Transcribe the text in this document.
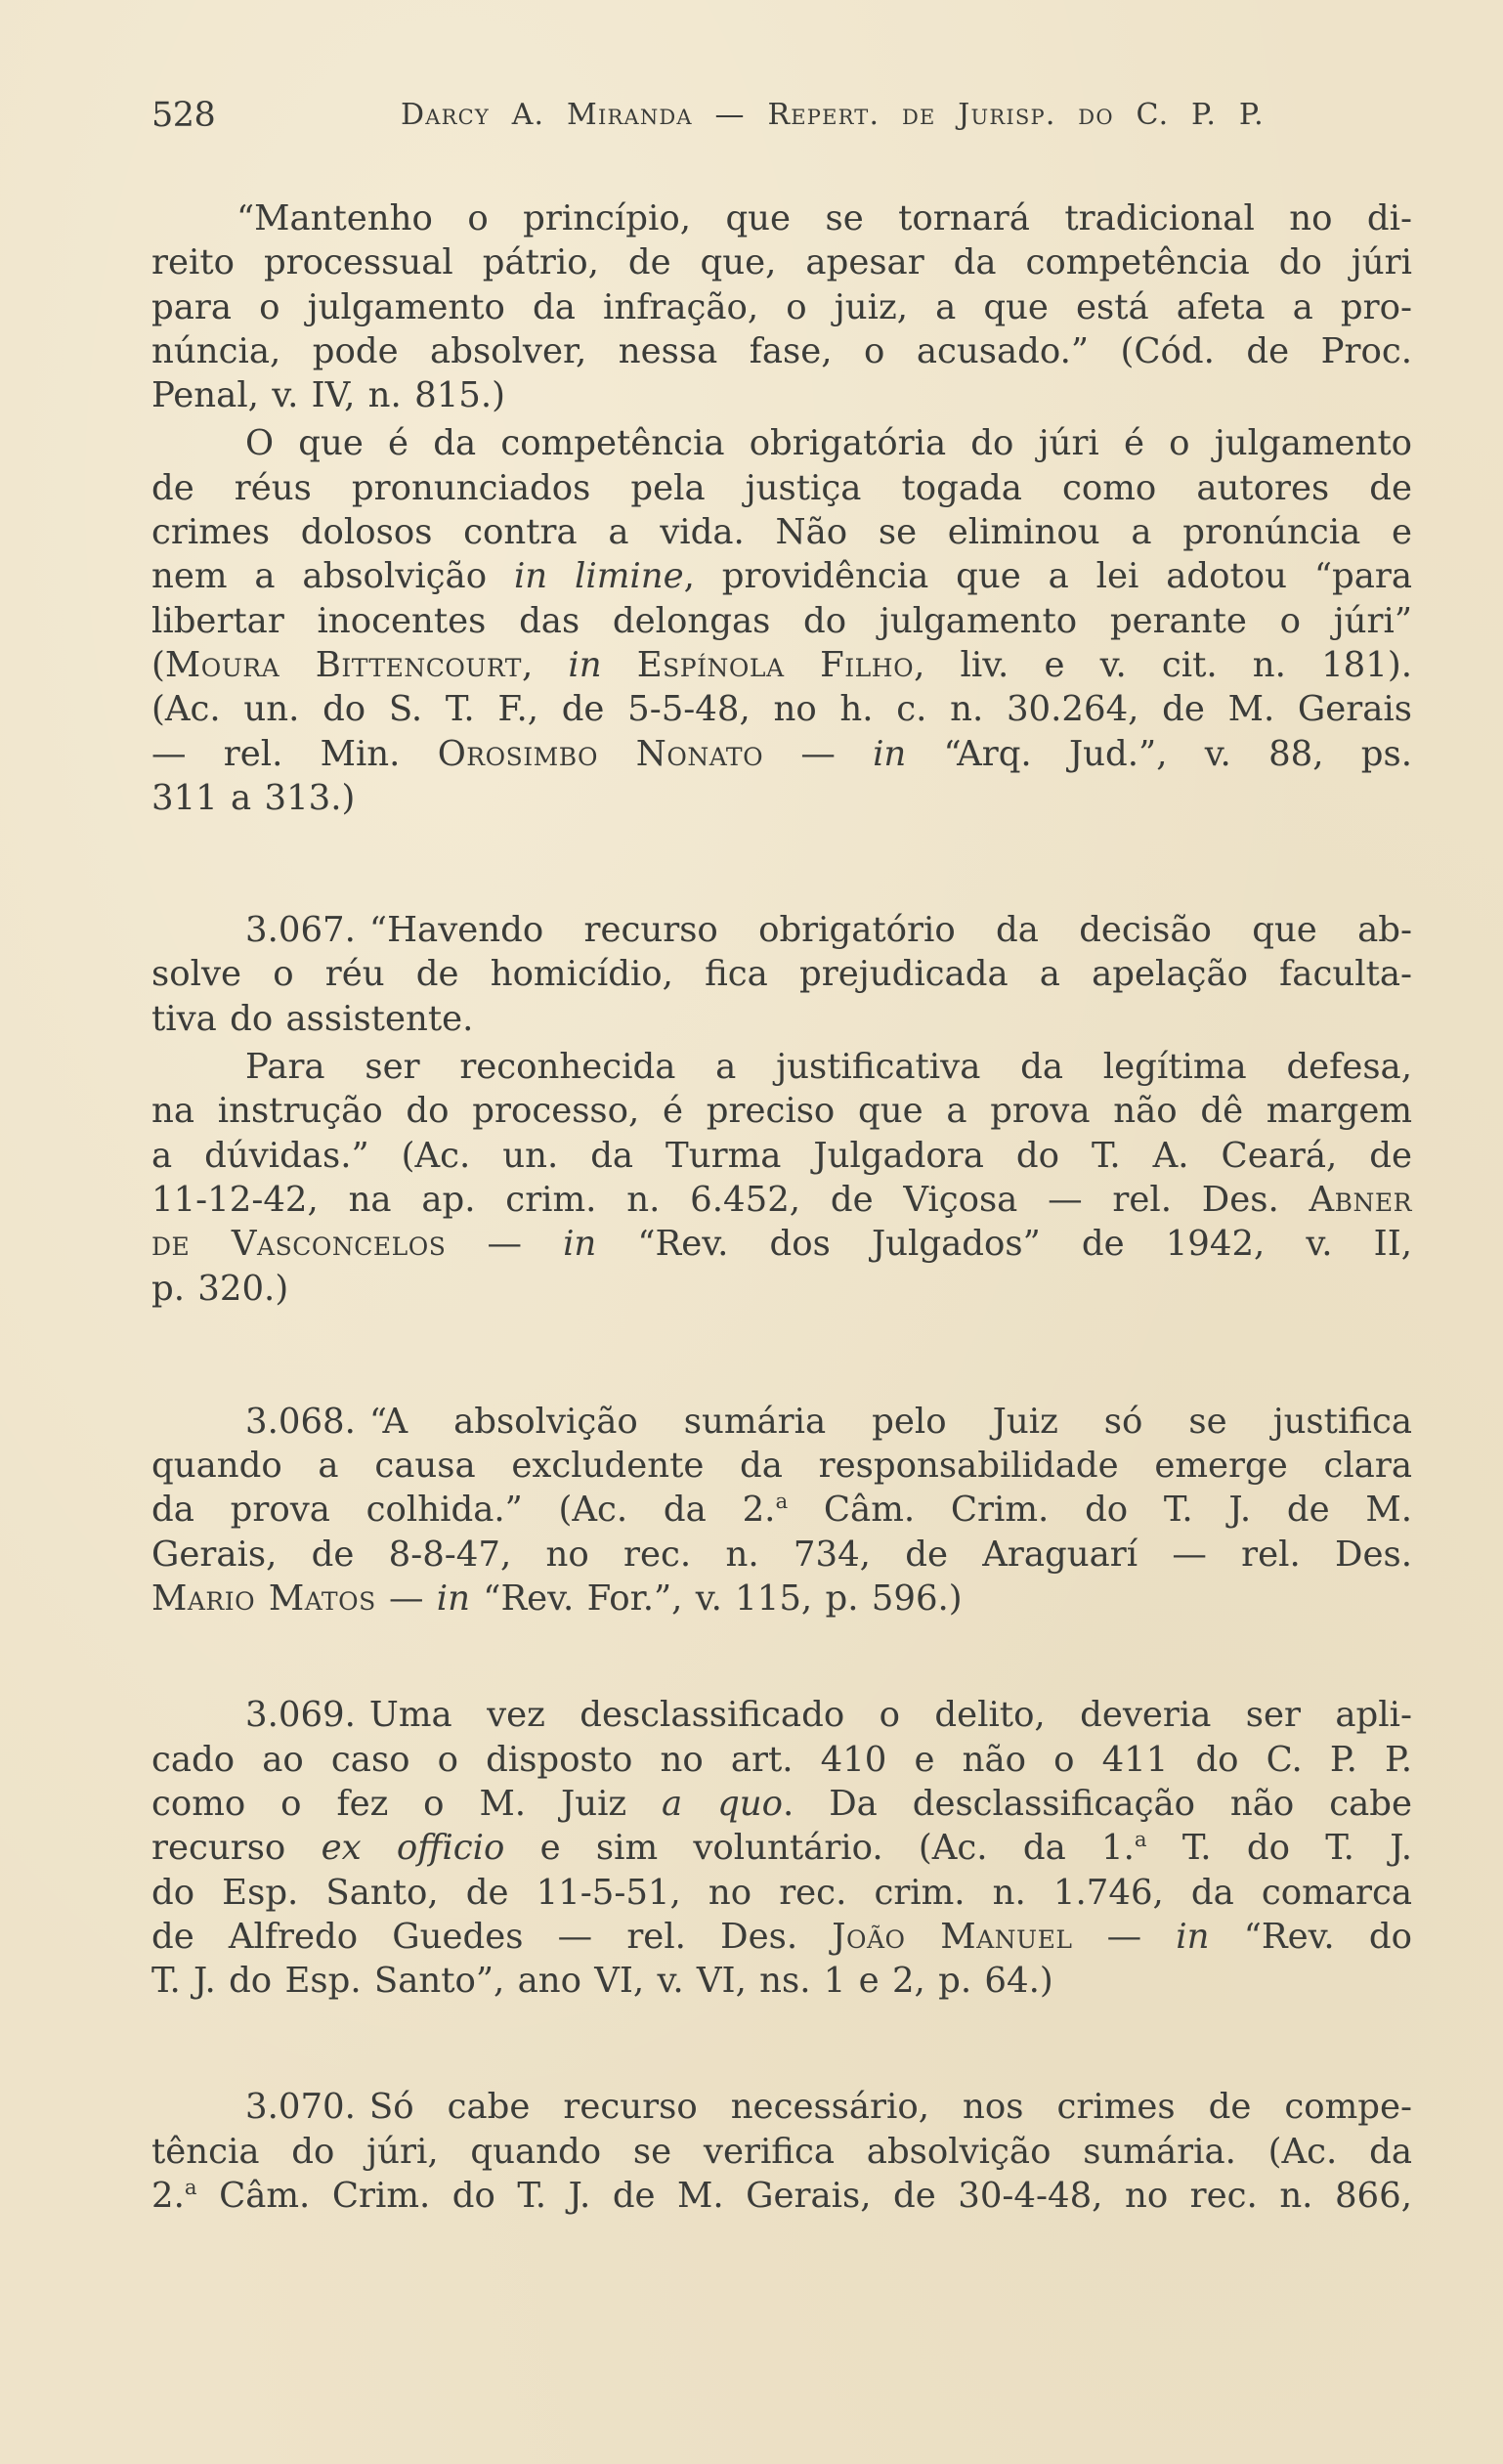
528	Darcy A. Miranda — Repert. de Jurisp. do C. P. P.
“Mantenho o princípio, que se tornará tradicional no di-
reito processual pátrio, de que, apesar da competência do júri
para o julgamento da infração, o juiz, a que está afeta a pro-
núncia, pode absolver, nessa fase, o acusado.” (Cód. de Proc.
Penal, v. IV, n. 815.)
O que é da competência obrigatória do júri é o julgamento
de réus pronunciados pela justiça togada como autores de
crimes dolosos contra a vida. Não se eliminou a pronúncia e
nem a absolvição in limine, providência que a lei adotou “para
libertar inocentes das delongas do julgamento perante o júri”
(Moura Bittencourt, in Espínola Filho, liv. e v. cit. n. 181).
(Ac. un. do S. T. F., de 5-5-48, no h. c. n. 30.264, de M. Gerais
— rel. Min. Orosimbo Nonato — in “Arq. Jud.”, v. 88, ps.
311 a 313.)
3.067. “Havendo recurso obrigatório da decisão que ab-
solve o réu de homicídio, fica prejudicada a apelação faculta-
tiva do assistente.
Para ser reconhecida a justificativa da legítima defesa,
na instrução do processo, é preciso que a prova não dê margem
a dúvidas.” (Ac. un. da Turma Julgadora do T. A. Ceará, de
11-12-42, na ap. crim. n. 6.452, de Viçosa — rel. Des. Abner
de Vasconcelos — in “Rev. dos Julgados” de 1942, v. II,
p. 320.)
3.068. “A absolvição sumária pelo Juiz só se justifica
quando a causa excludente da responsabilidade emerge clara
da prova colhida.” (Ac. da 2.$^a$ Câm. Crim. do T. J. de M.
Gerais, de 8-8-47, no rec. n. 734, de Araguarí — rel. Des.
Mario Matos — in “Rev. For.”, v. 115, p. 596.)
3.069. Uma vez desclassificado o delito, deveria ser apli-
cado ao caso o disposto no art. 410 e não o 411 do C. P. P.
como o fez o M. Juiz a quo. Da desclassificação não cabe
recurso ex officio e sim voluntário. (Ac. da 1.$^a$ T. do T. J.
do Esp. Santo, de 11-5-51, no rec. crim. n. 1.746, da comarca
de Alfredo Guedes — rel. Des. João Manuel — in “Rev. do
T. J. do Esp. Santo”, ano VI, v. VI, ns. 1 e 2, p. 64.)
3.070. Só cabe recurso necessário, nos crimes de compe-
tência do júri, quando se verifica absolvição sumária. (Ac. da
2.$^a$ Câm. Crim. do T. J. de M. Gerais, de 30-4-48, no rec. n. 866,
